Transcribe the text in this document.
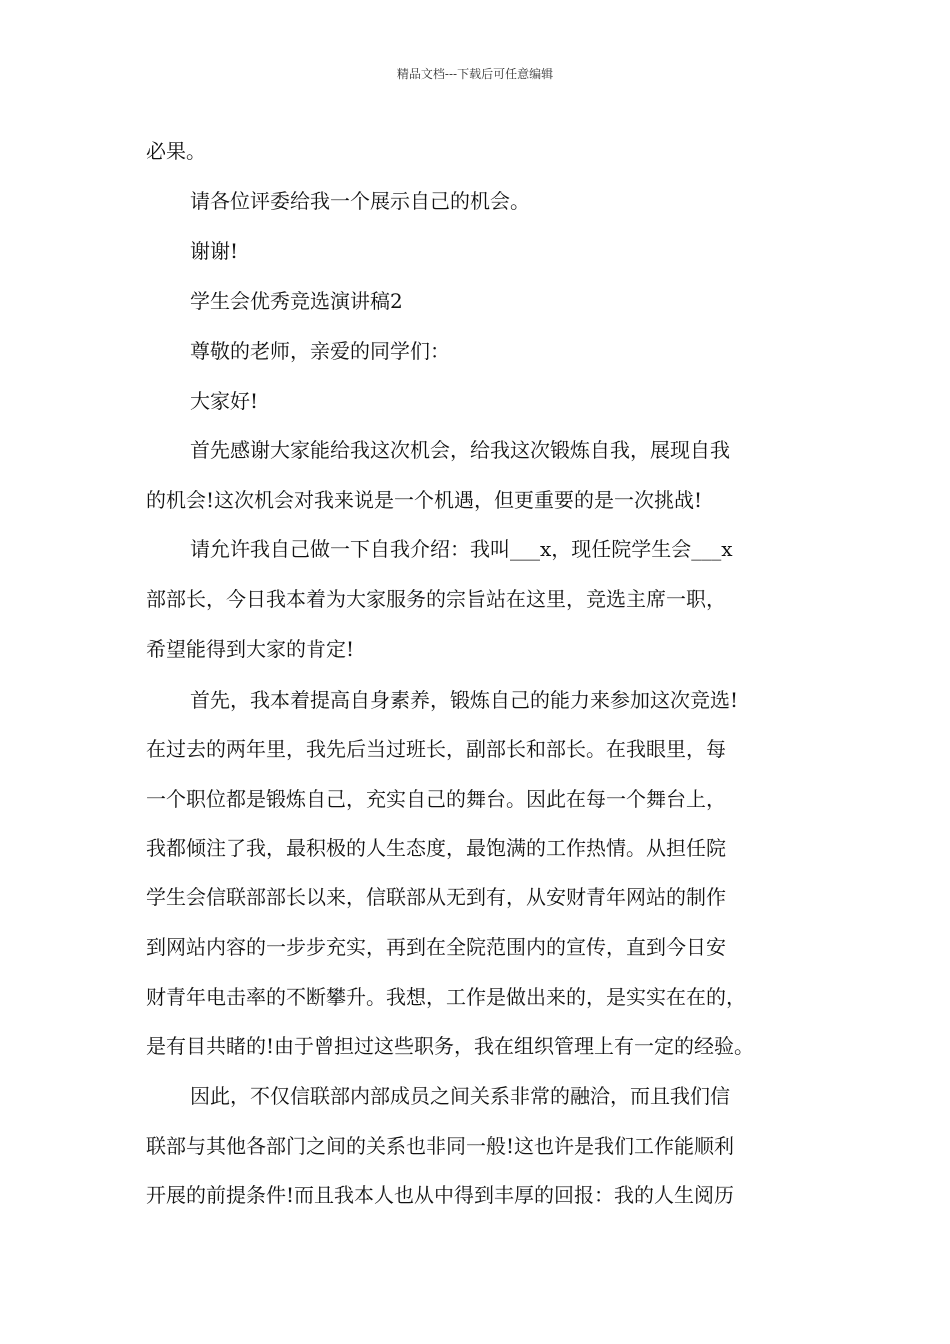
精品文档---下载后可任意编辑
必果。
请各位评委给我一个展示自己的机会。
谢谢!
学生会优秀竞选演讲稿2
尊敬的老师，亲爱的同学们：
大家好!
首先感谢大家能给我这次机会，给我这次锻炼自我，展现自我
的机会!这次机会对我来说是一个机遇，但更重要的是一次挑战!
请允许我自己做一下自我介绍：我叫___x，现任院学生会___x
部部长，今日我本着为大家服务的宗旨站在这里，竞选主席一职，
希望能得到大家的肯定!
首先，我本着提高自身素养，锻炼自己的能力来参加这次竞选!
在过去的两年里，我先后当过班长，副部长和部长。在我眼里，每
一个职位都是锻炼自己，充实自己的舞台。因此在每一个舞台上，
我都倾注了我，最积极的人生态度，最饱满的工作热情。从担任院
学生会信联部部长以来，信联部从无到有，从安财青年网站的制作
到网站内容的一步步充实，再到在全院范围内的宣传，直到今日安
财青年电击率的不断攀升。我想，工作是做出来的，是实实在在的，
是有目共睹的!由于曾担过这些职务，我在组织管理上有一定的经验。
因此，不仅信联部内部成员之间关系非常的融洽，而且我们信
联部与其他各部门之间的关系也非同一般!这也许是我们工作能顺利
开展的前提条件!而且我本人也从中得到丰厚的回报：我的人生阅历
